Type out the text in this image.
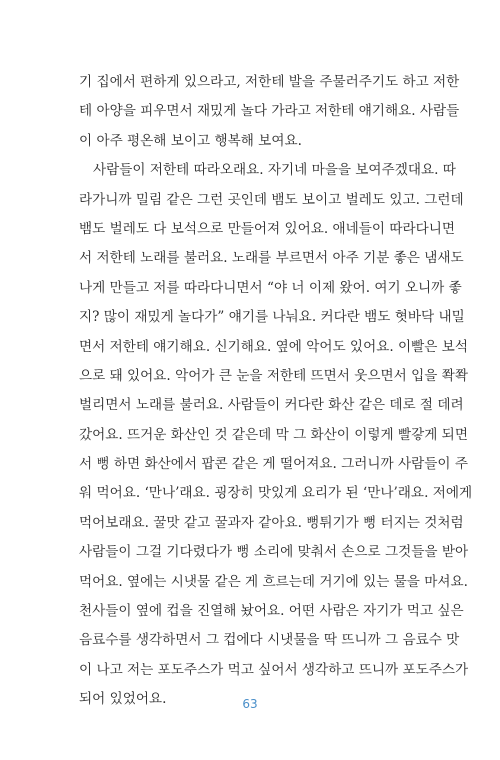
기 집에서 편하게 있으라고, 저한테 발을 주물러주기도 하고 저한
테 아양을 피우면서 재밌게 놀다 가라고 저한테 얘기해요. 사람들
이 아주 평온해 보이고 행복해 보여요.
사람들이 저한테 따라오래요. 자기네 마을을 보여주겠대요. 따
라가니까 밀림 같은 그런 곳인데 뱀도 보이고 벌레도 있고. 그런데
뱀도 벌레도 다 보석으로 만들어져 있어요. 애네들이 따라다니면
서 저한테 노래를 불러요. 노래를 부르면서 아주 기분 좋은 냄새도
나게 만들고 저를 따라다니면서 “야 너 이제 왔어. 여기 오니까 좋
지? 많이 재밌게 놀다가” 얘기를 나눠요. 커다란 뱀도 혓바닥 내밀
면서 저한테 얘기해요. 신기해요. 옆에 악어도 있어요. 이빨은 보석
으로 돼 있어요. 악어가 큰 눈을 저한테 뜨면서 웃으면서 입을 쫙쫙
벌리면서 노래를 불러요. 사람들이 커다란 화산 같은 데로 절 데려
갔어요. 뜨거운 화산인 것 같은데 막 그 화산이 이렇게 빨갛게 되면
서 뻥 하면 화산에서 팝콘 같은 게 떨어져요. 그러니까 사람들이 주
워 먹어요. ‘만나’래요. 굉장히 맛있게 요리가 된 ‘만나’래요. 저에게
먹어보래요. 꿀맛 같고 꿀과자 같아요. 뻥튀기가 뻥 터지는 것처럼
사람들이 그걸 기다렸다가 뻥 소리에 맞춰서 손으로 그것들을 받아
먹어요. 옆에는 시냇물 같은 게 흐르는데 거기에 있는 물을 마셔요.
천사들이 옆에 컵을 진열해 놨어요. 어떤 사람은 자기가 먹고 싶은
음료수를 생각하면서 그 컵에다 시냇물을 딱 뜨니까 그 음료수 맛
이 나고 저는 포도주스가 먹고 싶어서 생각하고 뜨니까 포도주스가
되어 있었어요.	63
